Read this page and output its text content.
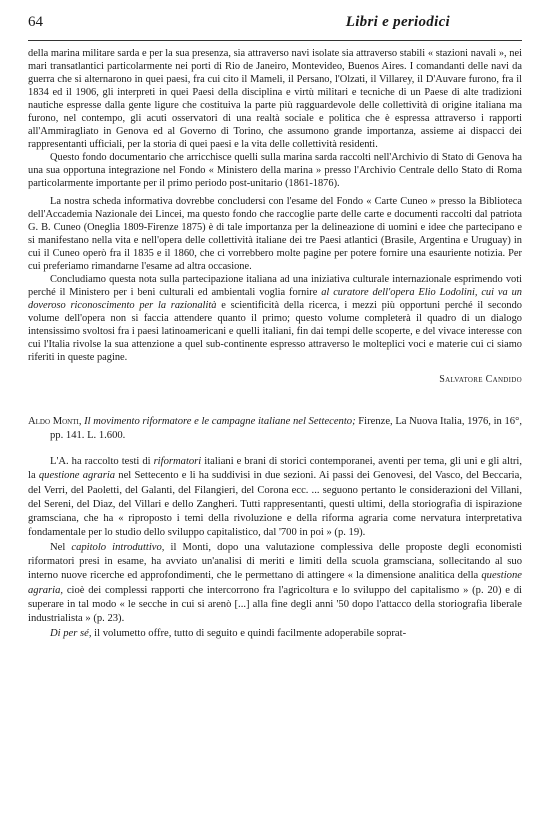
64	Libri e periodici

della marina militare sarda e per la sua presenza, sia attraverso navi isolate sia attraverso stabili « stazioni navali », nei mari transatlantici particolarmente nei porti di Rio de Janeiro, Montevideo, Buenos Aires. I comandanti delle navi da guerra che si alternarono in quei paesi, fra cui cito il Mameli, il Persano, l'Olzati, il Villarey, il D'Auvare furono, fra il 1834 ed il 1906, gli interpreti in quei Paesi della disciplina e virtù militari e tecniche di un Paese di alte tradizioni nautiche espresse dalla gente ligure che costituiva la parte più ragguardevole delle collettività di origine italiana ma furono, nel contempo, gli acuti osservatori di una realtà sociale e politica che è espressa attraverso i rapporti all'Ammiragliato in Genova ed al Governo di Torino, che assumono grande importanza, assieme ai dispacci dei rappresentanti ufficiali, per la storia di quei paesi e la vita delle collettività residenti.

Questo fondo documentario che arricchisce quelli sulla marina sarda raccolti nell'Archivio di Stato di Genova ha una sua opportuna integrazione nel Fondo « Ministero della marina » presso l'Archivio Centrale dello Stato di Roma particolarmente importante per il primo periodo post-unitario (1861-1876).

La nostra scheda informativa dovrebbe concludersi con l'esame del Fondo « Carte Cuneo » presso la Biblioteca dell'Accademia Nazionale dei Lincei, ma questo fondo che raccoglie parte delle carte e documenti raccolti dal patriota G. B. Cuneo (Oneglia 1809-Firenze 1875) è di tale importanza per la delineazione di uomini e idee che partecipano e si manifestano nella vita e nell'opera delle collettività italiane dei tre Paesi atlantici (Brasile, Argentina e Uruguay) in cui il Cuneo operò fra il 1835 e il 1860, che ci vorrebbero molte pagine per potere fornire una esauriente notizia. Per cui preferiamo rimandarne l'esame ad altra occasione.

Concludiamo questa nota sulla partecipazione italiana ad una iniziativa culturale internazionale esprimendo voti perché il Ministero per i beni culturali ed ambientali voglia fornire al curatore dell'opera Elio Lodolini, cui va un doveroso riconoscimento per la razionalità e scientificità della ricerca, i mezzi più opportuni perché il secondo volume dell'opera non si faccia attendere quanto il primo; questo volume completerà il quadro di un dialogo intensissimo svoltosi fra i paesi latinoamericani e quelli italiani, fin dai tempi delle scoperte, e del vivace interesse con cui l'Italia rivolse la sua attenzione a quel sub-continente espresso attraverso le molteplici voci e materie cui ci siamo riferiti in queste pagine.

Salvatore Candido

Aldo Monti, Il movimento riformatore e le campagne italiane nel Settecento; Firenze, La Nuova Italia, 1976, in 16°, pp. 141. L. 1.600.

L'A. ha raccolto testi di riformatori italiani e brani di storici contemporanei, aventi per tema, gli uni e gli altri, la questione agraria nel Settecento e li ha suddivisi in due sezioni. Ai passi dei Genovesi, del Vasco, del Beccaria, del Verri, del Paoletti, del Galanti, del Filangieri, del Corona ecc. ... seguono pertanto le considerazioni del Villani, del Sereni, del Diaz, del Villari e dello Zangheri. Tutti rappresentanti, questi ultimi, della storiografia di ispirazione gramsciana, che ha « riproposto i temi della rivoluzione e della riforma agraria come nervatura interpretativa fondamentale per lo studio dello sviluppo capitalistico, dal '700 in poi » (p. 19).

Nel capitolo introduttivo, il Monti, dopo una valutazione complessiva delle proposte degli economisti riformatori presi in esame, ha avviato un'analisi di meriti e limiti della scuola gramsciana, sollecitando al suo interno nuove ricerche ed approfondimenti, che le permettano di attingere « la dimensione analitica della questione agraria, cioè dei complessi rapporti che intercorrono fra l'agricoltura e lo sviluppo del capitalismo » (p. 20) e di superare in tal modo « le secche in cui si arenò [...] alla fine degli anni '50 dopo l'attacco della storiografia liberale industrialista » (p. 23).

Di per sé, il volumetto offre, tutto di seguito e quindi facilmente adoperabile soprat-
